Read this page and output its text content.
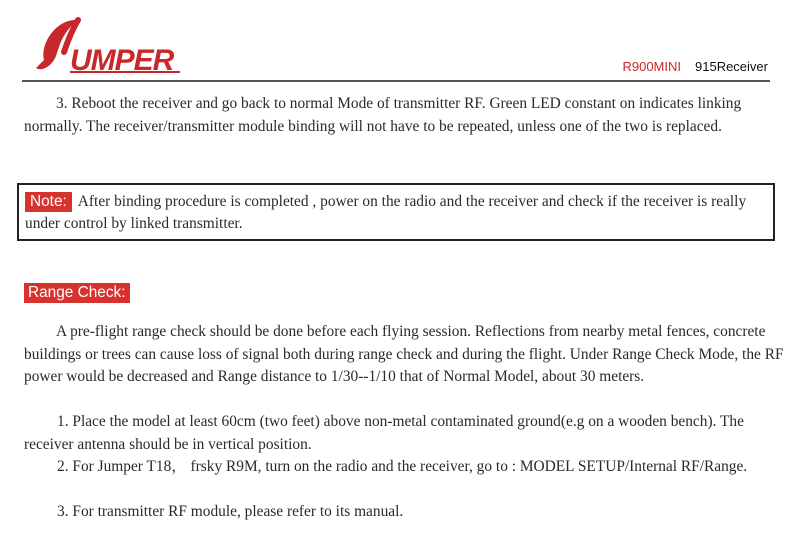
UMPER	R900MINI 915Receiver

3. Reboot the receiver and go back to normal Mode of transmitter RF. Green LED constant on indicates linking normally. The receiver/transmitter module binding will not have to be repeated, unless one of the two is replaced.

Note: After binding procedure is completed , power on the radio and the receiver and check if the receiver is really under control by linked transmitter.
Range Check:

A pre-flight range check should be done before each flying session. Reflections from nearby metal fences, concrete buildings or trees can cause loss of signal both during range check and during the flight. Under Range Check Mode, the RF power would be decreased and Range distance to 1/30--1/10 that of Normal Model, about 30 meters.

1. Place the model at least 60cm (two feet) above non-metal contaminated ground(e.g on a wooden bench). The receiver antenna should be in vertical position.

2. For Jumper T18， frsky R9M, turn on the radio and the receiver, go to : MODEL SETUP/Internal RF/Range.

3. For transmitter RF module, please refer to its manual.
